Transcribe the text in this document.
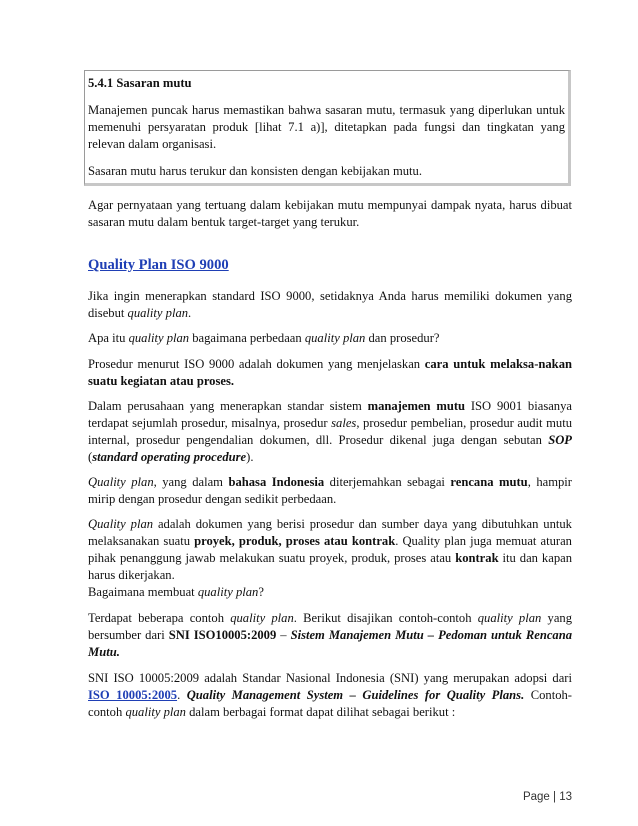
5.4.1 Sasaran mutu

Manajemen puncak harus memastikan bahwa sasaran mutu, termasuk yang diperlukan untuk memenuhi persyaratan produk [lihat 7.1 a)], ditetapkan pada fungsi dan tingkatan yang relevan dalam organisasi.

Sasaran mutu harus terukur dan konsisten dengan kebijakan mutu.

Agar pernyataan yang tertuang dalam kebijakan mutu mempunyai dampak nyata, harus dibuat sasaran mutu dalam bentuk target-target yang terukur.

Quality Plan ISO 9000

Jika ingin menerapkan standard ISO 9000, setidaknya Anda harus memiliki dokumen yang disebut quality plan.

Apa itu quality plan bagaimana perbedaan quality plan dan prosedur?

Prosedur menurut ISO 9000 adalah dokumen yang menjelaskan cara untuk melaksa-nakan suatu kegiatan atau proses.

Dalam perusahaan yang menerapkan standar sistem manajemen mutu ISO 9001 biasanya terdapat sejumlah prosedur, misalnya, prosedur sales, prosedur pembelian, prosedur audit mutu internal, prosedur pengendalian dokumen, dll. Prosedur dikenal juga dengan sebutan SOP (standard operating procedure).

Quality plan, yang dalam bahasa Indonesia diterjemahkan sebagai rencana mutu, hampir mirip dengan prosedur dengan sedikit perbedaan.

Quality plan adalah dokumen yang berisi prosedur dan sumber daya yang dibutuhkan untuk melaksanakan suatu proyek, produk, proses atau kontrak. Quality plan juga memuat aturan pihak penanggung jawab melakukan suatu proyek, produk, proses atau kontrak itu dan kapan harus dikerjakan.

Bagaimana membuat quality plan?

Terdapat beberapa contoh quality plan. Berikut disajikan contoh-contoh quality plan yang bersumber dari SNI ISO10005:2009 – Sistem Manajemen Mutu – Pedoman untuk Rencana Mutu.

SNI ISO 10005:2009 adalah Standar Nasional Indonesia (SNI) yang merupakan adopsi dari ISO 10005:2005. Quality Management System – Guidelines for Quality Plans. Contoh-contoh quality plan dalam berbagai format dapat dilihat sebagai berikut :

Page | 13
